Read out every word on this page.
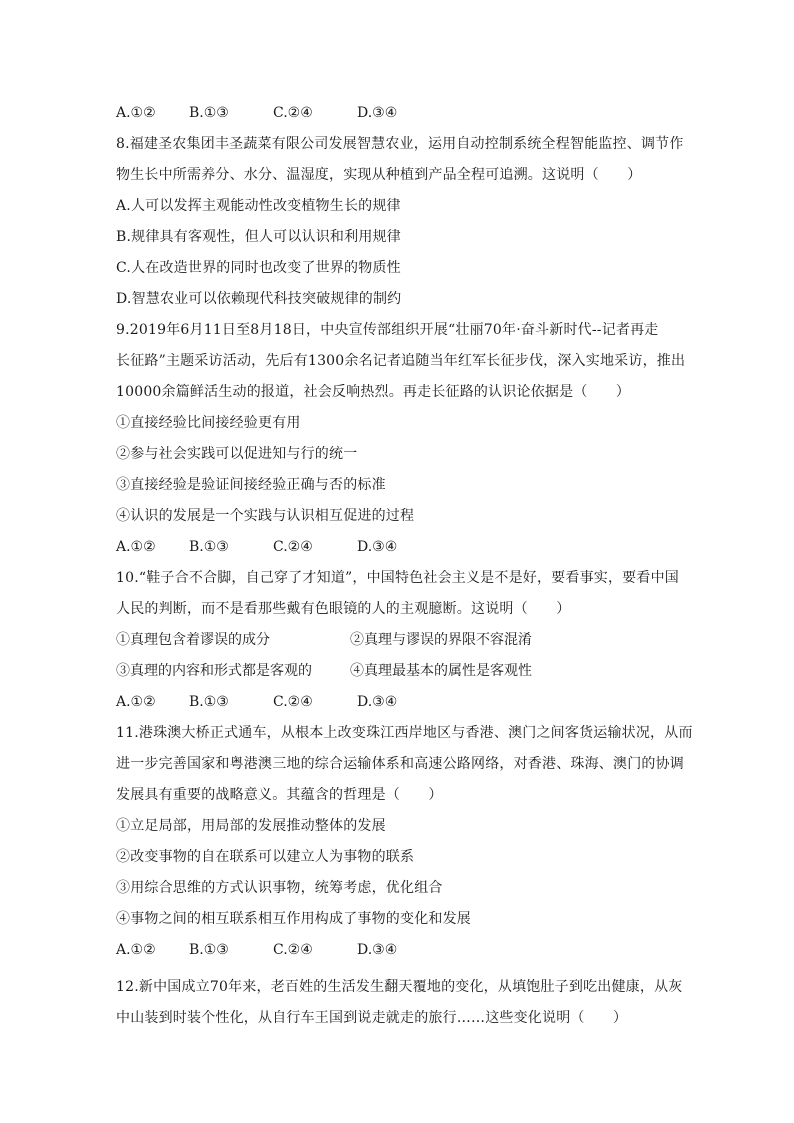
A.①② B.①③	C.②④	D.③④

8.福建圣农集团丰圣蔬菜有限公司发展智慧农业，运用自动控制系统全程智能监控、调节作

物生长中所需养分、水分、温湿度，实现从种植到产品全程可追溯。这说明（　　）

A.人可以发挥主观能动性改变植物生长的规律

B.规律具有客观性，但人可以认识和利用规律

C.人在改造世界的同时也改变了世界的物质性

D.智慧农业可以依赖现代科技突破规律的制约

9.2019年6月11日至8月18日，中央宣传部组织开展“壮丽70年·奋斗新时代--记者再走

长征路”主题采访活动，先后有1300余名记者追随当年红军长征步伐，深入实地采访，推出

10000余篇鲜活生动的报道，社会反响热烈。再走长征路的认识论依据是（　　）

①直接经验比间接经验更有用

②参与社会实践可以促进知与行的统一

③直接经验是验证间接经验正确与否的标准

④认识的发展是一个实践与认识相互促进的过程

A.①② B.①③	C.②④	D.③④

10.“鞋子合不合脚，自己穿了才知道”，中国特色社会主义是不是好，要看事实，要看中国

人民的判断，而不是看那些戴有色眼镜的人的主观臆断。这说明（　　）

①真理包含着谬误的成分	②真理与谬误的界限不容混淆
③真理的内容和形式都是客观的	④真理最基本的属性是客观性
A.①② B.①③	C.②④	D.③④

11.港珠澳大桥正式通车，从根本上改变珠江西岸地区与香港、澳门之间客货运输状况，从而

进一步完善国家和粤港澳三地的综合运输体系和高速公路网络，对香港、珠海、澳门的协调

发展具有重要的战略意义。其蕴含的哲理是（　　）

①立足局部，用局部的发展推动整体的发展

②改变事物的自在联系可以建立人为事物的联系

③用综合思维的方式认识事物，统筹考虑，优化组合

④事物之间的相互联系相互作用构成了事物的变化和发展

A.①② B.①③	C.②④	D.③④

12.新中国成立70年来，老百姓的生活发生翻天覆地的变化，从填饱肚子到吃出健康，从灰

中山装到时装个性化，从自行车王国到说走就走的旅行……这些变化说明（　　）
